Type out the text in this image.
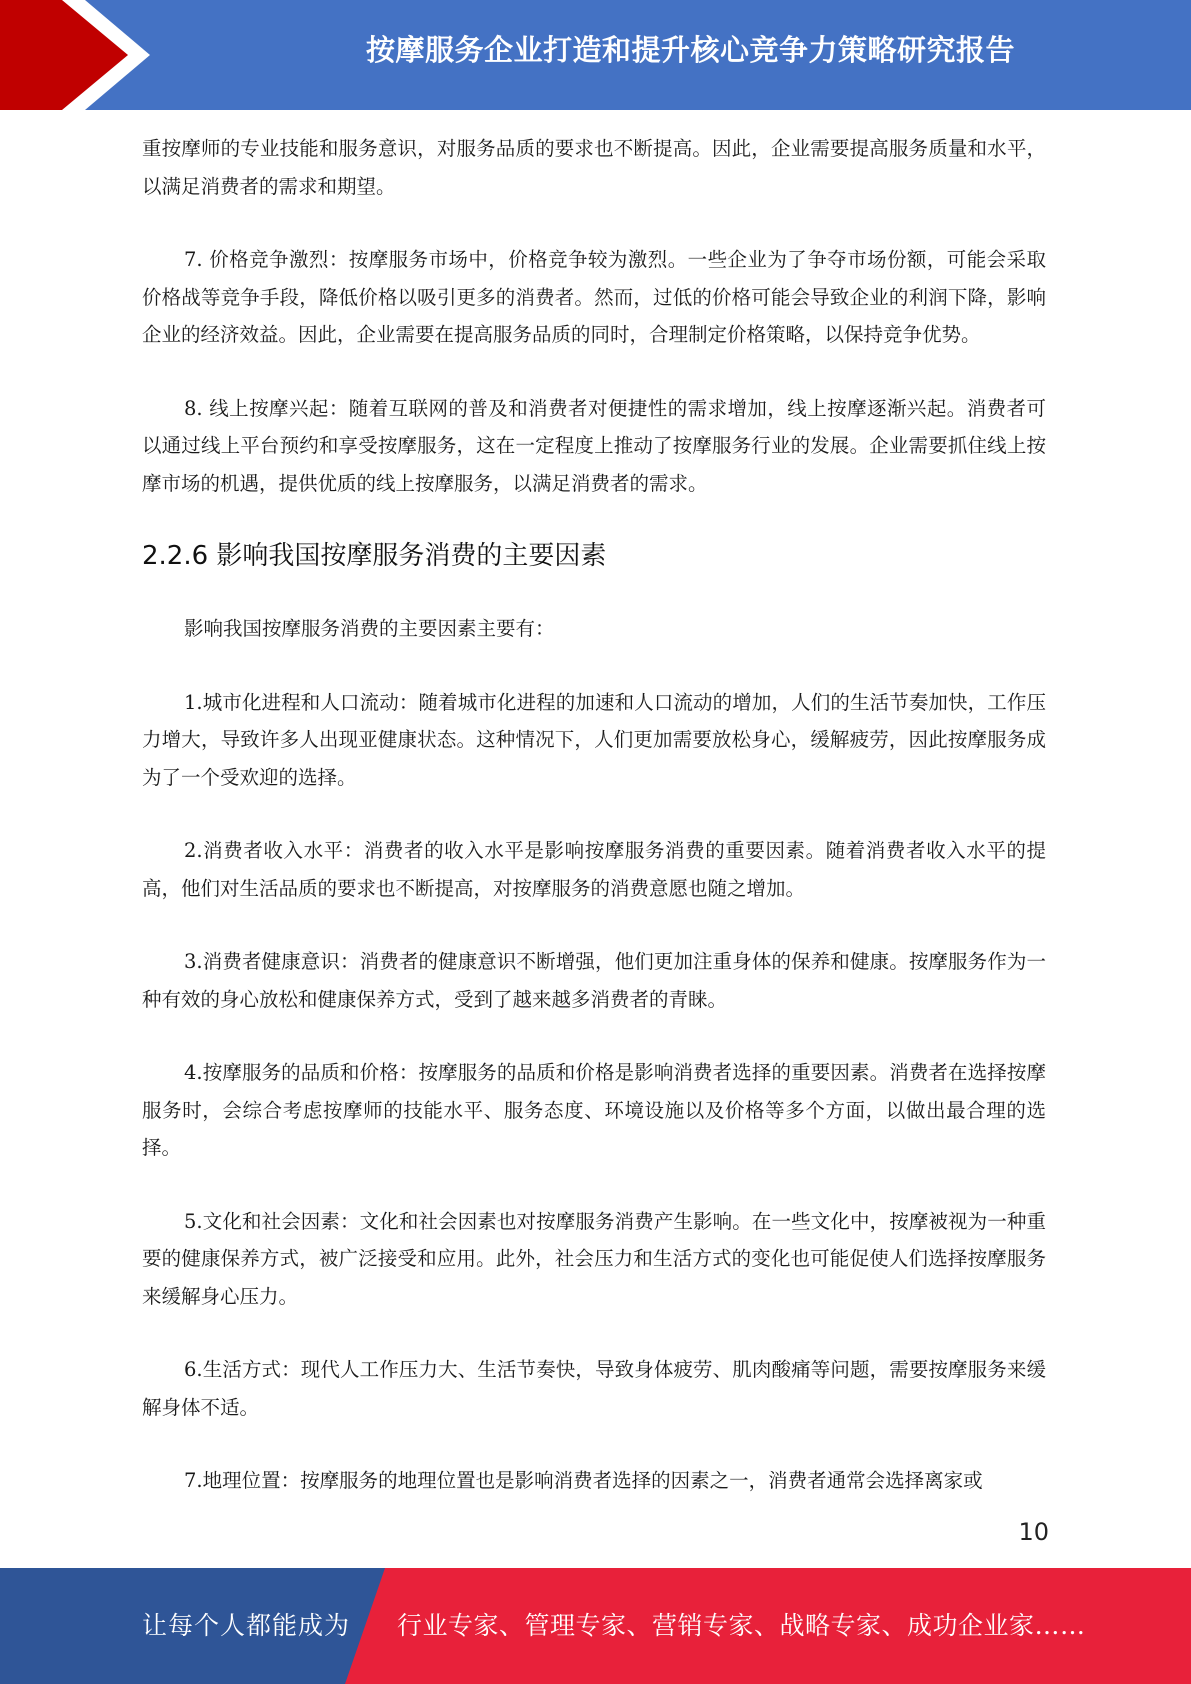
按摩服务企业打造和提升核心竞争力策略研究报告

重按摩师的专业技能和服务意识，对服务品质的要求也不断提高。因此，企业需要提高服务质量和水平，以满足消费者的需求和期望。

7. 价格竞争激烈：按摩服务市场中，价格竞争较为激烈。一些企业为了争夺市场份额，可能会采取价格战等竞争手段，降低价格以吸引更多的消费者。然而，过低的价格可能会导致企业的利润下降，影响企业的经济效益。因此，企业需要在提高服务品质的同时，合理制定价格策略，以保持竞争优势。

8. 线上按摩兴起：随着互联网的普及和消费者对便捷性的需求增加，线上按摩逐渐兴起。消费者可以通过线上平台预约和享受按摩服务，这在一定程度上推动了按摩服务行业的发展。企业需要抓住线上按摩市场的机遇，提供优质的线上按摩服务，以满足消费者的需求。

2.2.6 影响我国按摩服务消费的主要因素

影响我国按摩服务消费的主要因素主要有：

1.城市化进程和人口流动：随着城市化进程的加速和人口流动的增加，人们的生活节奏加快，工作压力增大，导致许多人出现亚健康状态。这种情况下，人们更加需要放松身心，缓解疲劳，因此按摩服务成为了一个受欢迎的选择。

2.消费者收入水平：消费者的收入水平是影响按摩服务消费的重要因素。随着消费者收入水平的提高，他们对生活品质的要求也不断提高，对按摩服务的消费意愿也随之增加。

3.消费者健康意识：消费者的健康意识不断增强，他们更加注重身体的保养和健康。按摩服务作为一种有效的身心放松和健康保养方式，受到了越来越多消费者的青睐。

4.按摩服务的品质和价格：按摩服务的品质和价格是影响消费者选择的重要因素。消费者在选择按摩服务时，会综合考虑按摩师的技能水平、服务态度、环境设施以及价格等多个方面，以做出最合理的选择。

5.文化和社会因素：文化和社会因素也对按摩服务消费产生影响。在一些文化中，按摩被视为一种重要的健康保养方式，被广泛接受和应用。此外，社会压力和生活方式的变化也可能促使人们选择按摩服务来缓解身心压力。

6.生活方式：现代人工作压力大、生活节奏快，导致身体疲劳、肌肉酸痛等问题，需要按摩服务来缓解身体不适。

7.地理位置：按摩服务的地理位置也是影响消费者选择的因素之一，消费者通常会选择离家或

10
让每个人都能成为 行业专家、管理专家、营销专家、战略专家、成功企业家……
